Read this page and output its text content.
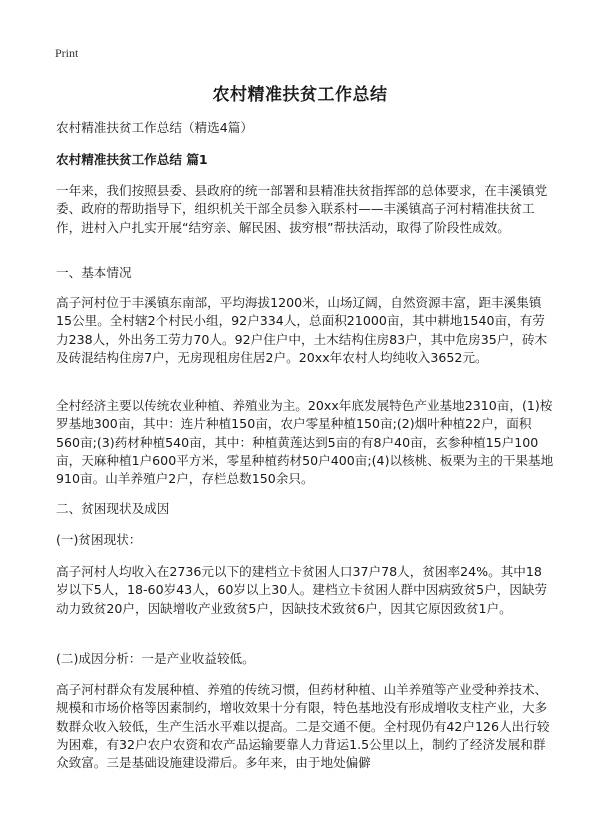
Print
农村精准扶贫工作总结
农村精准扶贫工作总结（精选4篇）
农村精准扶贫工作总结 篇1
一年来，我们按照县委、县政府的统一部署和县精准扶贫指挥部的总体要求，在丰溪镇党委、政府的帮助指导下，组织机关干部全员参入联系村——丰溪镇高子河村精准扶贫工作，进村入户扎实开展“结穷亲、解民困、拔穷根”帮扶活动，取得了阶段性成效。
一、基本情况
高子河村位于丰溪镇东南部，平均海拔1200米，山场辽阔，自然资源丰富，距丰溪集镇15公里。全村辖2个村民小组，92户334人，总面积21000亩，其中耕地1540亩，有劳力238人，外出务工劳力70人。92户住户中，土木结构住房83户，其中危房35户，砖木及砖混结构住房7户，无房现租房住居2户。20xx年农村人均纯收入3652元。
全村经济主要以传统农业种植、养殖业为主。20xx年底发展特色产业基地2310亩，(1)桉罗基地300亩，其中：连片种植150亩，农户零星种植150亩;(2)烟叶种植22户，面积560亩;(3)药材种植540亩，其中：种植黄莲达到5亩的有8户40亩，玄参种植15户100亩，天麻种植1户600平方米，零星种植药材50户400亩;(4)以核桃、板栗为主的干果基地910亩。山羊养殖户2户，存栏总数150余只。
二、贫困现状及成因
(一)贫困现状：
高子河村人均收入在2736元以下的建档立卡贫困人口37户78人，贫困率24%。其中18岁以下5人，18-60岁43人，60岁以上30人。建档立卡贫困人群中因病致贫5户，因缺劳动力致贫20户，因缺增收产业致贫5户，因缺技术致贫6户，因其它原因致贫1户。
(二)成因分析：一是产业收益较低。
高子河村群众有发展种植、养殖的传统习惯，但药材种植、山羊养殖等产业受种养技术、规模和市场价格等因素制约，增收效果十分有限，特色基地没有形成增收支柱产业，大多数群众收入较低，生产生活水平难以提高。二是交通不便。全村现仍有42户126人出行较为困难，有32户农户农资和农产品运输要靠人力背运1.5公里以上，制约了经济发展和群众致富。三是基础设施建设滞后。多年来，由于地处偏僻
